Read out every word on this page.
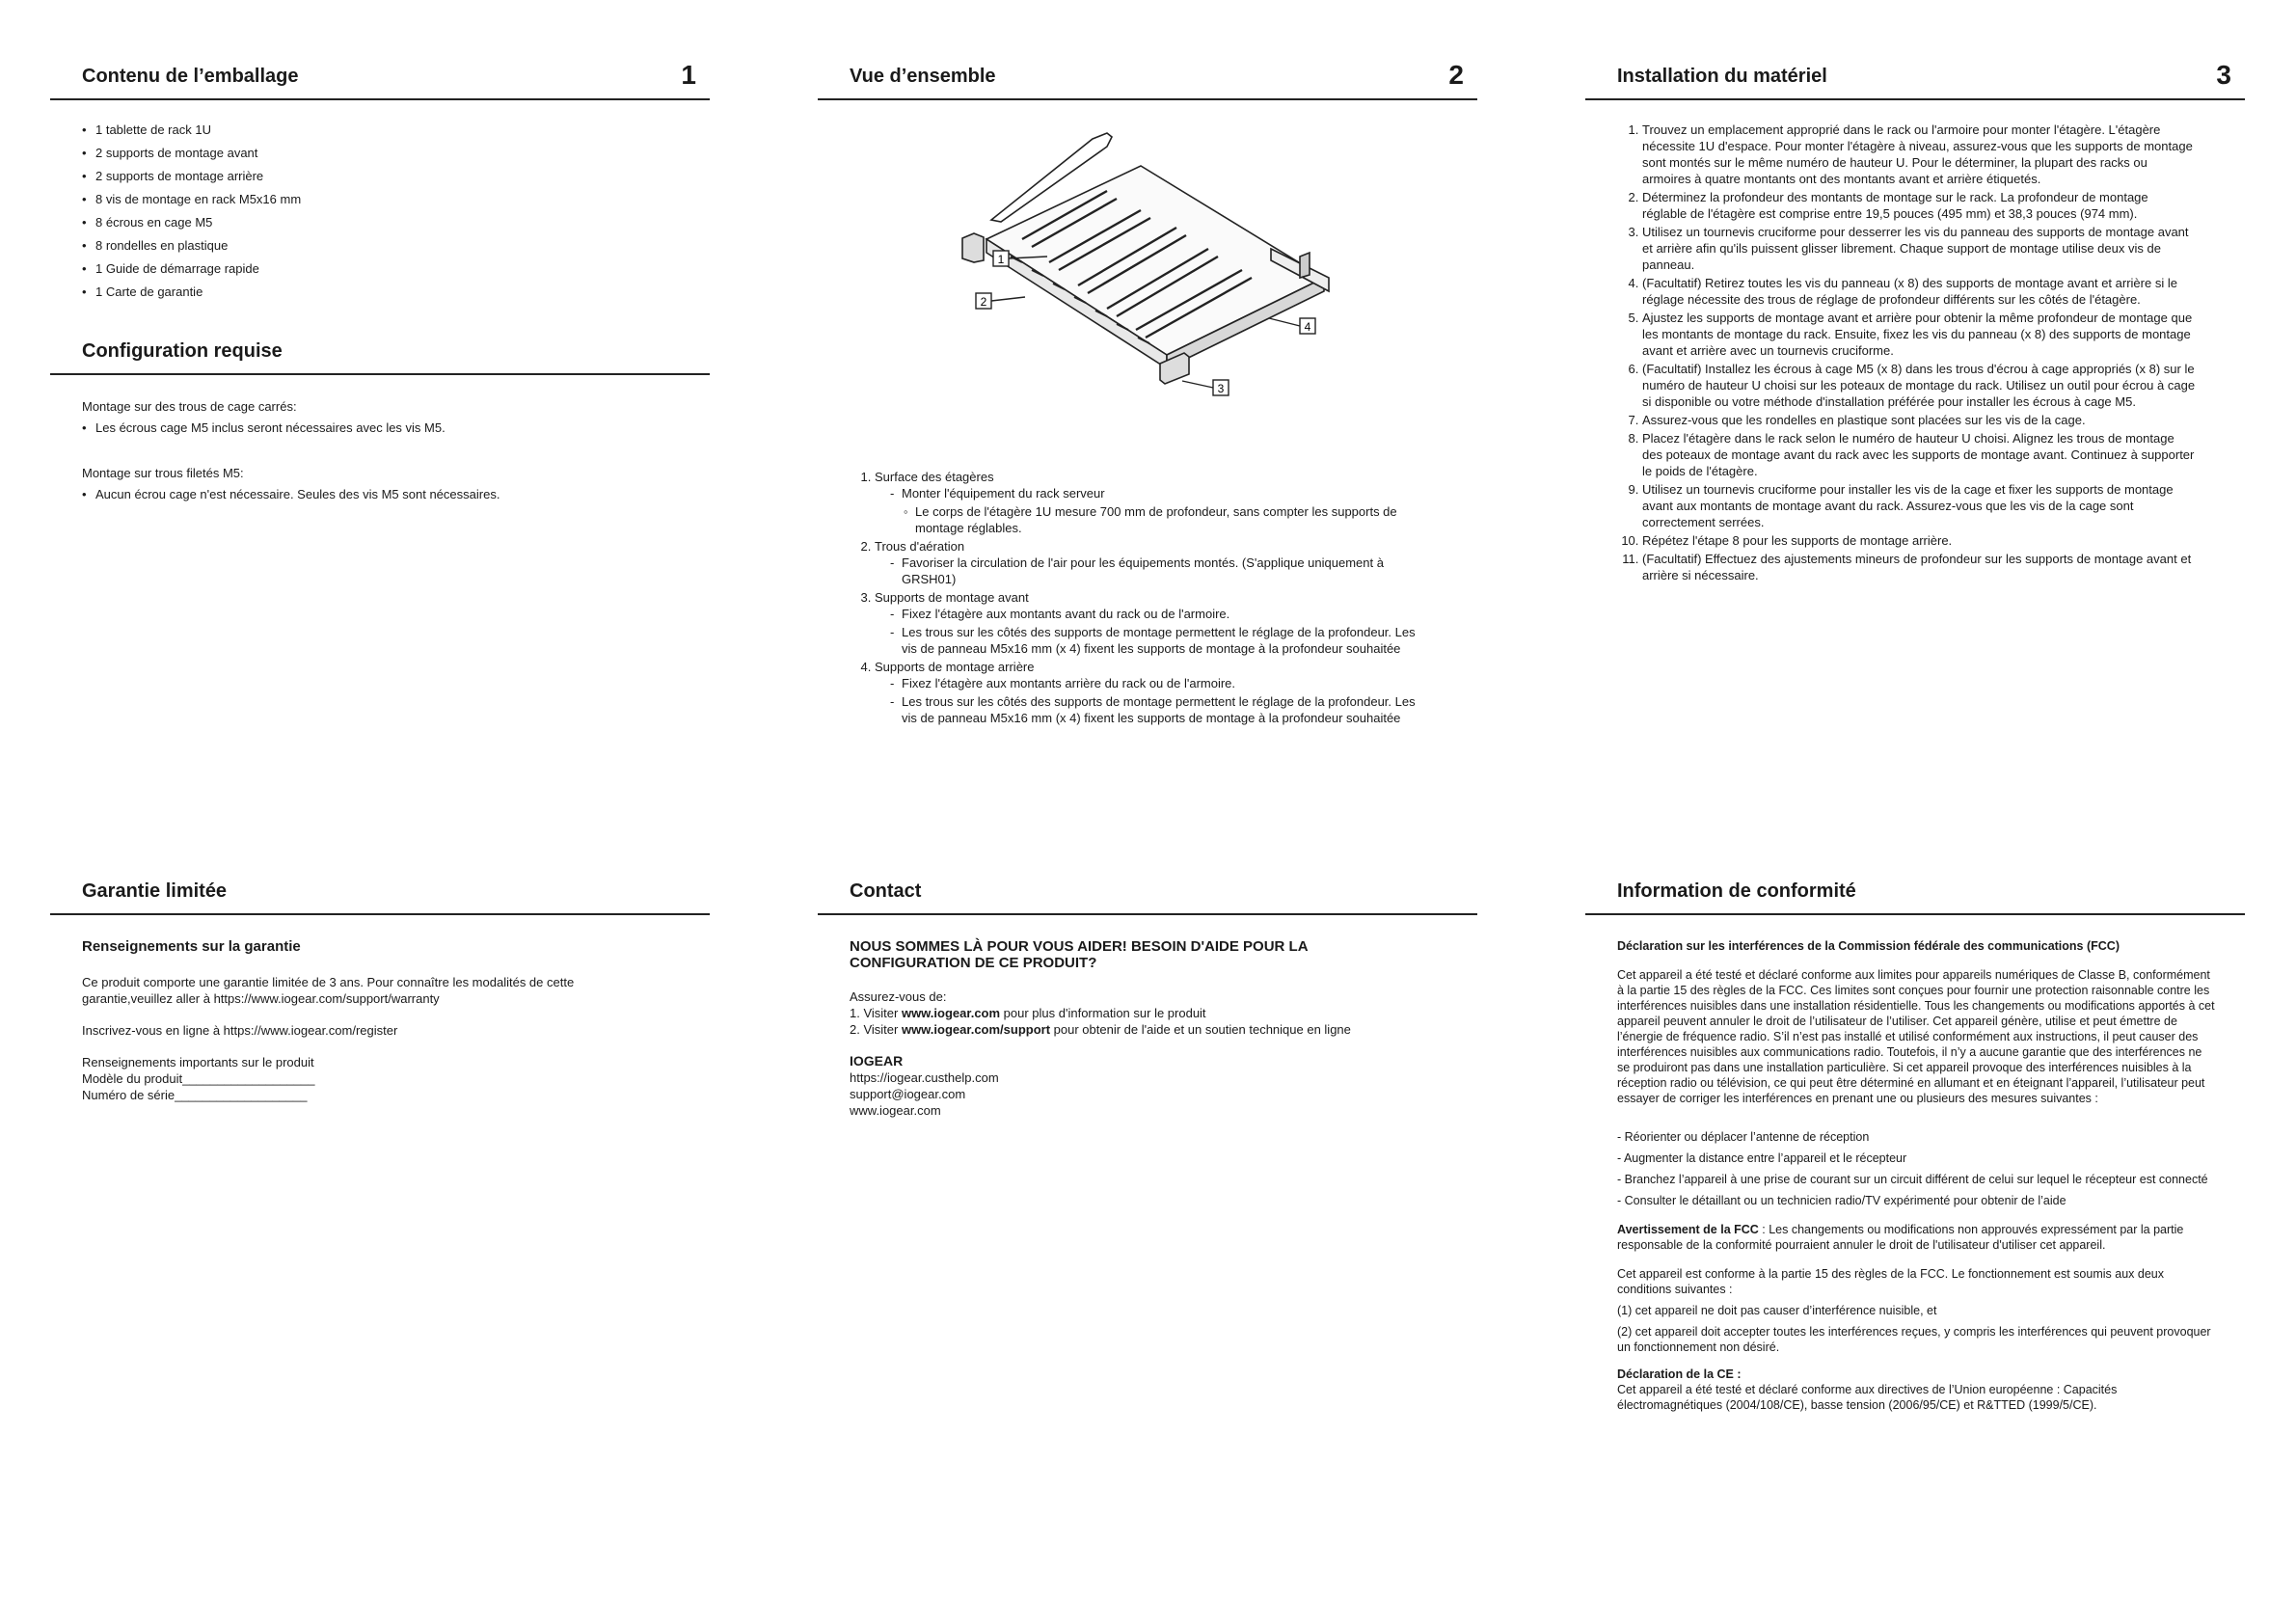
Contenu de l’emballage	1
• 1 tablette de rack 1U
• 2 supports de montage avant
• 2 supports de montage arrière
• 8 vis de montage en rack M5x16 mm
• 8 écrous en cage M5
• 8 rondelles en plastique
• 1 Guide de démarrage rapide
• 1 Carte de garantie
Configuration requise

Montage sur des trous de cage carrés:

• Les écrous cage M5 inclus seront nécessaires avec les vis M5.

Montage sur trous filetés M5:

• Aucun écrou cage n'est nécessaire. Seules des vis M5 sont nécessaires.
Vue d’ensemble	2
1
2
3
4
1. Surface des étagères
- Monter l'équipement du rack serveur
◦ Le corps de l'étagère 1U mesure 700 mm de profondeur, sans compter les supports de montage réglables.
2. Trous d'aération
- Favoriser la circulation de l'air pour les équipements montés. (S'applique uniquement à GRSH01)
3. Supports de montage avant
- Fixez l'étagère aux montants avant du rack ou de l'armoire.
- Les trous sur les côtés des supports de montage permettent le réglage de la profondeur. Les vis de panneau M5x16 mm (x 4) fixent les supports de montage à la profondeur souhaitée
4. Supports de montage arrière
- Fixez l'étagère aux montants arrière du rack ou de l'armoire.
- Les trous sur les côtés des supports de montage permettent le réglage de la profondeur. Les vis de panneau M5x16 mm (x 4) fixent les supports de montage à la profondeur souhaitée
Installation du matériel	3
1. Trouvez un emplacement approprié dans le rack ou l'armoire pour monter l'étagère. L'étagère nécessite 1U d'espace. Pour monter l'étagère à niveau, assurez-vous que les supports de montage sont montés sur le même numéro de hauteur U. Pour le déterminer, la plupart des racks ou armoires à quatre montants ont des montants avant et arrière étiquetés.
2. Déterminez la profondeur des montants de montage sur le rack. La profondeur de montage réglable de l'étagère est comprise entre 19,5 pouces (495 mm) et 38,3 pouces (974 mm).
3. Utilisez un tournevis cruciforme pour desserrer les vis du panneau des supports de montage avant et arrière afin qu'ils puissent glisser librement. Chaque support de montage utilise deux vis de panneau.
4. (Facultatif) Retirez toutes les vis du panneau (x 8) des supports de montage avant et arrière si le réglage nécessite des trous de réglage de profondeur différents sur les côtés de l'étagère.
5. Ajustez les supports de montage avant et arrière pour obtenir la même profondeur de montage que les montants de montage du rack. Ensuite, fixez les vis du panneau (x 8) des supports de montage avant et arrière avec un tournevis cruciforme.
6. (Facultatif) Installez les écrous à cage M5 (x 8) dans les trous d'écrou à cage appropriés (x 8) sur le numéro de hauteur U choisi sur les poteaux de montage du rack. Utilisez un outil pour écrou à cage si disponible ou votre méthode d'installation préférée pour installer les écrous à cage M5.
7. Assurez-vous que les rondelles en plastique sont placées sur les vis de la cage.
8. Placez l'étagère dans le rack selon le numéro de hauteur U choisi. Alignez les trous de montage des poteaux de montage avant du rack avec les supports de montage avant. Continuez à supporter le poids de l'étagère.
9. Utilisez un tournevis cruciforme pour installer les vis de la cage et fixer les supports de montage avant aux montants de montage avant du rack. Assurez-vous que les vis de la cage sont correctement serrées.
10. Répétez l'étape 8 pour les supports de montage arrière.
11. (Facultatif) Effectuez des ajustements mineurs de profondeur sur les supports de montage avant et arrière si nécessaire.
Garantie limitée

Renseignements sur la garantie

Ce produit comporte une garantie limitée de 3 ans. Pour connaître les modalités de cette garantie,veuillez aller à https://www.iogear.com/support/warranty

Inscrivez-vous en ligne à https://www.iogear.com/register

Renseignements importants sur le produit

Modèle du produit___________________

Numéro de série___________________

Contact

NOUS SOMMES LÀ POUR VOUS AIDER! BESOIN D'AIDE POUR LA CONFIGURATION DE CE PRODUIT?

Assurez-vous de:

1. Visiter www.iogear.com pour plus d'information sur le produit

2. Visiter www.iogear.com/support pour obtenir de l'aide et un soutien technique en ligne

IOGEAR

https://iogear.custhelp.com

support@iogear.com

www.iogear.com

Information de conformité

Déclaration sur les interférences de la Commission fédérale des communications (FCC)

Cet appareil a été testé et déclaré conforme aux limites pour appareils numériques de Classe B, conformément à la partie 15 des règles de la FCC. Ces limites sont conçues pour fournir une protection raisonnable contre les interférences nuisibles dans une installation résidentielle. Tous les changements ou modifications apportés à cet appareil peuvent annuler le droit de l’utilisateur de l’utiliser. Cet appareil génère, utilise et peut émettre de l’énergie de fréquence radio. S’il n’est pas installé et utilisé conformément aux instructions, il peut causer des interférences nuisibles aux communications radio. Toutefois, il n’y a aucune garantie que des interférences ne se produiront pas dans une installation particulière. Si cet appareil provoque des interférences nuisibles à la réception radio ou télévision, ce qui peut être déterminé en allumant et en éteignant l’appareil, l’utilisateur peut essayer de corriger les interférences en prenant une ou plusieurs des mesures suivantes :

- Réorienter ou déplacer l’antenne de réception

- Augmenter la distance entre l’appareil et le récepteur

- Branchez l’appareil à une prise de courant sur un circuit différent de celui sur lequel le récepteur est connecté

- Consulter le détaillant ou un technicien radio/TV expérimenté pour obtenir de l’aide

Avertissement de la FCC : Les changements ou modifications non approuvés expressément par la partie responsable de la conformité pourraient annuler le droit de l'utilisateur d'utiliser cet appareil.

Cet appareil est conforme à la partie 15 des règles de la FCC. Le fonctionnement est soumis aux deux conditions suivantes :

(1) cet appareil ne doit pas causer d’interférence nuisible, et

(2) cet appareil doit accepter toutes les interférences reçues, y compris les interférences qui peuvent provoquer un fonctionnement non désiré.

Déclaration de la CE :

Cet appareil a été testé et déclaré conforme aux directives de l’Union européenne : Capacités électromagnétiques (2004/108/CE), basse tension (2006/95/CE) et R&TTED (1999/5/CE).
